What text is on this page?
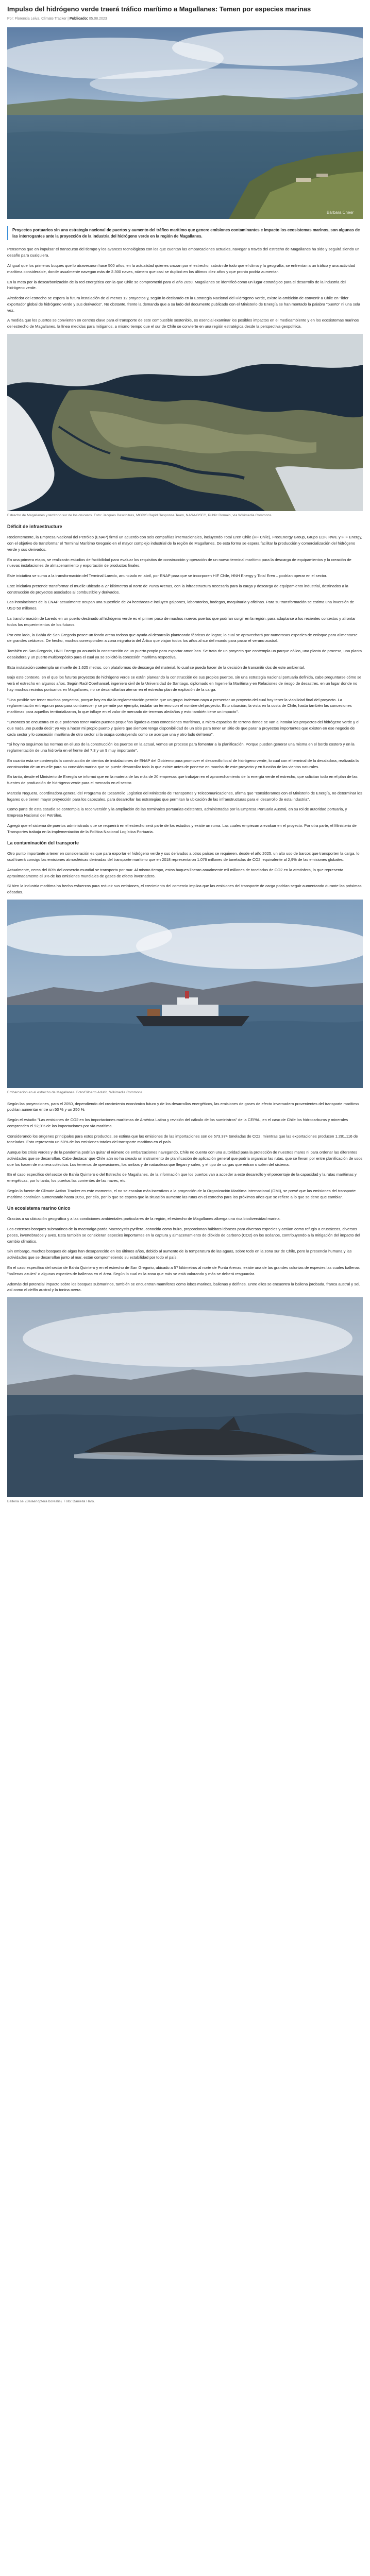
Impulso del hidrógeno verde traerá tráfico marítimo a Magallanes: Temen por especies marinas
Por: Florencia Leiva, Climate Tracker | Publicado: 05.08.2023
Bárbara Cheer
Proyectos portuarios sin una estrategia nacional de puertos y aumento del tráfico marítimo que genere emisiones contaminantes e impacto los ecosistemas marinos, son algunas de las interrogantes ante la proyección de la industria del hidrógeno verde en la región de Magallanes.

Pensemos que en impulsar el transcurso del tiempo y los avances tecnológicos con los que cuentan las embarcaciones actuales, navegar a través del estrecho de Magallanes ha sido y seguirá siendo un desafío para cualquiera.

Al igual que los primeros buques que lo atravesaron hace 500 años, en la actualidad quienes cruzan por el estrecho, sabrán de todo que el clima y la geografía, se enfrentan a un tráfico y una actividad marítima considerable, donde usualmente navegan más de 2.300 naves, número que casi se duplicó en los últimos diez años y que pronto podría aumentar.

En la meta por la descarbonización de la red energética con la que Chile se comprometió para el año 2050, Magallanes se identificó como un lugar estratégico para el desarrollo de la industria del hidrógeno verde.

Alrededor del estrecho se espera la futura instalación de al menos 12 proyectos y, según lo declarado en la Estrategia Nacional del Hidrógeno Verde, existe la ambición de convertir a Chile en "líder exportador global de hidrógeno verde y sus derivados". No obstante, frente la demanda que a su lado del documento publicado con el Ministerio de Energía se han montado la palabra "puerto" ni una sola vez.

A medida que los puertos se convierten en centros clave para el transporte de este combustible sostenible, es esencial examinar los posibles impactos en el medioambiente y en los ecosistemas marinos del estrecho de Magallanes, la línea medidas para mitigarlos, a mismo tiempo que el sur de Chile se convierte en una región estratégica desde la perspectiva geopolítica.

Estrecho de Magallanes y territorio sur de los cruceros. Foto: Jacques Descloitres, MODIS Rapid Response Team, NASA/GSFC, Public Domain, vía Wikimedia Commons.
Déficit de infraestructure

Recientemente, la Empresa Nacional del Petróleo (ENAP) firmó un acuerdo con seis compañías internacionales, incluyendo Total Eren Chile (HF Chile), FreeEnergy Group, Grupo EDF, RWE y HIF Energy, con el objetivo de transformar el Terminal Marítimo Gregorio en el mayor complejo industrial de la región de Magallanes. De esta forma se espera facilitar la producción y comercialización del hidrógeno verde y sus derivados.

En una primera etapa, se realizarán estudios de factibilidad para evaluar los requisitos de construcción y operación de un nuevo terminal marítimo para la descarga de equipamientos y la creación de nuevas instalaciones de almacenamiento y exportación de productos finales.

Este iniciativa se suma a la transformación del Terminal Laredo, anunciado en abril, por ENAP para que se incorporen HIF Chile, HNH Energy y Total Eren – podrían operar en el sector.

Este iniciativa pretende transformar el muelle ubicado a 27 kilómetros al norte de Punta Arenas, con la infraestructura necesaria para la carga y descarga de equipamiento industrial, destinados a la construcción de proyectos asociados al combustible y derivados.

Las instalaciones de la ENAP actualmente ocupan una superficie de 24 hectáreas e incluyen galpones, laboratorios, bodegas, maquinaria y oficinas. Para su transformación se estima una inversión de USD 50 millones.

La transformación de Laredo en un puerto destinado al hidrógeno verde es el primer paso de muchos nuevos puertos que podrían surgir en la región, para adaptarse a los recientes contextos y afrontar todos los requerimientos de los futuros.

Por otro lado, la Bahía de San Gregorio posee un fondo arena todoso que ayuda al desarrollo planteando fábricas de lograr, lo cual se aprovechará por numerosas especies de enfoque para alimentarse de grandes cetáceos. De hecho, muchos corresponden a zona migratoria del Ártico que viajan todos los años al sur del mundo para pasar el verano austral.

También en San Gregorio, HNH Energy ya anunció la construcción de un puerto propio para exportar amoníaco. Se trata de un proyecto que contempla un parque eólico, una planta de proceso, una planta desaladora y un puerto multipropósito para el cual ya se solicitó la concesión marítima respectiva.

Esta instalación contempla un muelle de 1.625 metros, con plataformas de descarga del material, lo cual se pueda hacer de la decisión de transmitir dos de este ambiental.

Bajo este contexto, en el que los futuros proyectos de hidrógeno verde se están planeando la construcción de sus propios puertos, sin una estrategia nacional portuaria definida, cabe preguntarse cómo se verá el estrecho en algunos años. Según Raúl Oberhansel, ingeniero civil de la Universidad de Santiago, diplomado en Ingeniería Marítima y en Relaciones de riesgo de desastres, en un lugar donde no hay muchos recintos portuarios en Magallanes, no se desarrollarían aterrar en el estrecho plan de explosión de la carga.

"Una posible ser tener muchos proyectos, porque hoy en día la reglamentación permite que un grupo invierson naya a presentar un proyecto del cual hoy tener la viabilidad final del proyecto. La reglamentación entrega un poco para contraescer y se permite por ejemplo, instalar un terreno con el nombre del proyecto. Esto situación, la vista en la costa de Chile, hasta también las concesiones marítimas para aquellos territorializaron, lo que influye en el valor de mercado de terrenos aledaños y esto también tiene un impacto".

"Entonces se encuentra en que podemos tener varios puertos pequeños ligados a esas concesiones marítimas, a micro-espacios de terreno donde se van a instalar los proyectos del hidrógeno verde y el que nada uno pueda decir: yo voy a hacer mi propio puerto y quiere que siempre tenga disponibilidad de un sitio para tener un sitio de que parar a proyectos importantes que existen en ese negocio de cada sector y lo concesión marítima de otro sector si la ocupa contrayendo como se acerque una y otro lado del tema".

"Si hoy no seguimos las normas en el uso de la construcción los puertos en la actual, vemos un proceso para fomentar a la planificación. Porque pueden generar una misma en el borde costero y en la reglamentación de una hidrovía en el frente del 7.3 y un 9 muy importante".

En cuanto esta se contempla la construcción de cientos de instalaciones de ENAP del Gobierno para promover el desarrollo local de hidrógeno verde, lo cual con el terminal de la desaladora, realizada la construcción de un muelle para su conexión marina que se puede desarrollar todo lo que existe antes de ponerse en marcha de este proyecto y en función de las vientos naturales.

En tanto, desde el Ministerio de Energía se informó que en la materia de las más de 20 empresas que trabajan en el aprovechamiento de la energía verde el estrecho, que solicitan todo en el plan de las fuentes de producción de hidrógeno verde para el mercado en el sector.

Marcela Noguera, coordinadora general del Programa de Desarrollo Logístico del Ministerio de Transportes y Telecomunicaciones, afirma que "consideramos con el Ministerio de Energía, no determinar los lugares que tienen mayor proyección para los cabezales, para desarrollar las estrategias que permitan la ubicación de las infraestructuras para el desarrollo de esta industria".

Como parte de esta estudio se contempla la reconversión y la ampliación de las terminales portuarias existentes, administradas por la Empresa Portuaria Austral, en su rol de autoridad portuaria, y Empresa Nacional del Petróleo.

Agregó que el sistema de puertos administrado que se requerirá en el estrecho será parte de los estudios y existe un ruma. Las cuales empiezan a evaluar en el proyecto. Por otra parte, el Ministerio de Transportes trabaja en la implementación de la Política Nacional Logística Portuaria.

La contaminación del transporte

Otro punto importante a tener en consideración es que para exportar el hidrógeno verde y sus derivados a otros países se requieren, desde el año 2025, un alto uso de barcos que transporten la carga, lo cual traerá consigo las emisiones atmosféricas derivadas del transporte marítimo que en 2018 representaron 1.076 millones de toneladas de CO2, equivalente al 2,9% de las emisiones globales.

Actualmente, cerca del 80% del comercio mundial se transporta por mar. Al mismo tiempo, estos buques liberan anualmente mil millones de toneladas de CO2 en la atmósfera, lo que representa aproximadamente el 3% de las emisiones mundiales de gases de efecto invernadero.

Si bien la industria marítima ha hecho esfuerzos para reducir sus emisiones, el crecimiento del comercio implica que las emisiones del transporte de carga podrían seguir aumentando durante las próximas décadas.

Embarcación en el estrecho de Magallanes. Foto/Gilberto Adulfo, Wikimedia Commons.

Según las proyecciones, para el 2050, dependiendo del crecimiento económico futuro y de los desarrollos energéticos, las emisiones de gases de efecto invernadero provenientes del transporte marítimo podrían aumentar entre un 50 % y un 250 %.

Según el estudio "Las emisiones de CO2 en los importaciones marítimas de América Latina y revisión del cálculo de los suministros" de la CEPAL, en el caso de Chile los hidrocarburos y minerales comprenden el 92,9% de las importaciones por vía marítima.

Considerando los orígenes principales para estos productos, se estima que las emisiones de las importaciones son de 573.374 toneladas de CO2, mientras que las exportaciones producen 1.281.116 de toneladas. Esto representa un 50% de las emisiones totales del transporte marítimo en el país.

Aunque los crisis verdes y de la pandemia podrían quitar el número de embarcaciones navegando, Chile no cuenta con una autoridad para la protección de nuestros mares ni para ordenar las diferentes actividades que se desarrollan. Cabe destacar que Chile aún no ha creado un instrumento de planificación de aplicación general que podría organizar las rutas, que se llevan por entre planificación de usos que los hacen de manera colectiva. Los terrenos de operaciones, los arribos y de naturaleza que llegan y salen, y el tipo de cargas que entran o salen del sistema.

En el caso específico del sector de Bahía Quintero o del Estrecho de Magallanes, de la información que los puertos van a acceder a este desarrollo y el porcentaje de la capacidad y la rutas marítimas y energéticas, por lo tanto, los puertos las corrientes de las naves, etc.

Según la fuente de Climate Action Tracker en este momento, el no se escalan más incentivos a la proyección de la Organización Marítima Internacional (OMI), se prevé que las emisiones del transporte marítimo continúen aumentando hasta 2050, por ello, por lo que se espera que la situación aumente las rutas en el estrecho para los próximos años que se refiere a lo que se tiene que cambiar.

Un ecosistema marino único

Gracias a su ubicación geográfica y a las condiciones ambientales particulares de la región, el estrecho de Magallanes alberga una rica biodiversidad marina.

Los extensos bosques submarinos de la macroalga parda Macrocystis pyrifera, conocida como huiro, proporcionan hábitats idóneos para diversas especies y actúan como refugio a crustáceos, diversos peces, invertebrados y aves. Esta también se consideran especies importantes en la captura y almacenamiento de dióxido de carbono (CO2) en los océanos, contribuyendo a la mitigación del impacto del cambio climático.

Sin embargo, muchos bosques de algas han desaparecido en los últimos años, debido al aumento de la temperatura de las aguas, sobre todo en la zona sur de Chile, pero la presencia humana y las actividades que se desarrollan junto al mar, están comprometiendo su estabilidad por todo el país.

En el caso específico del sector de Bahía Quintero y en el estrecho de San Gregorio, ubicado a 57 kilómetros al norte de Punta Arenas, existe una de las grandes colonias de especies las cuales ballenas "ballenas azules" o algunas especies de ballenas en el área. Según lo cual es la zona que más se está valorando y más se deberá resguardar.

Además del potencial impacto sobre los bosques submarinos, también se encuentran mamíferos como lobos marinos, ballenas y delfines. Entre ellos se encuentra la ballena jorobada, franca austral y sei, así como el delfín austral y la tonina overa.

Ballena sei (Balaenoptera borealis). Foto: Daniella Haro.
